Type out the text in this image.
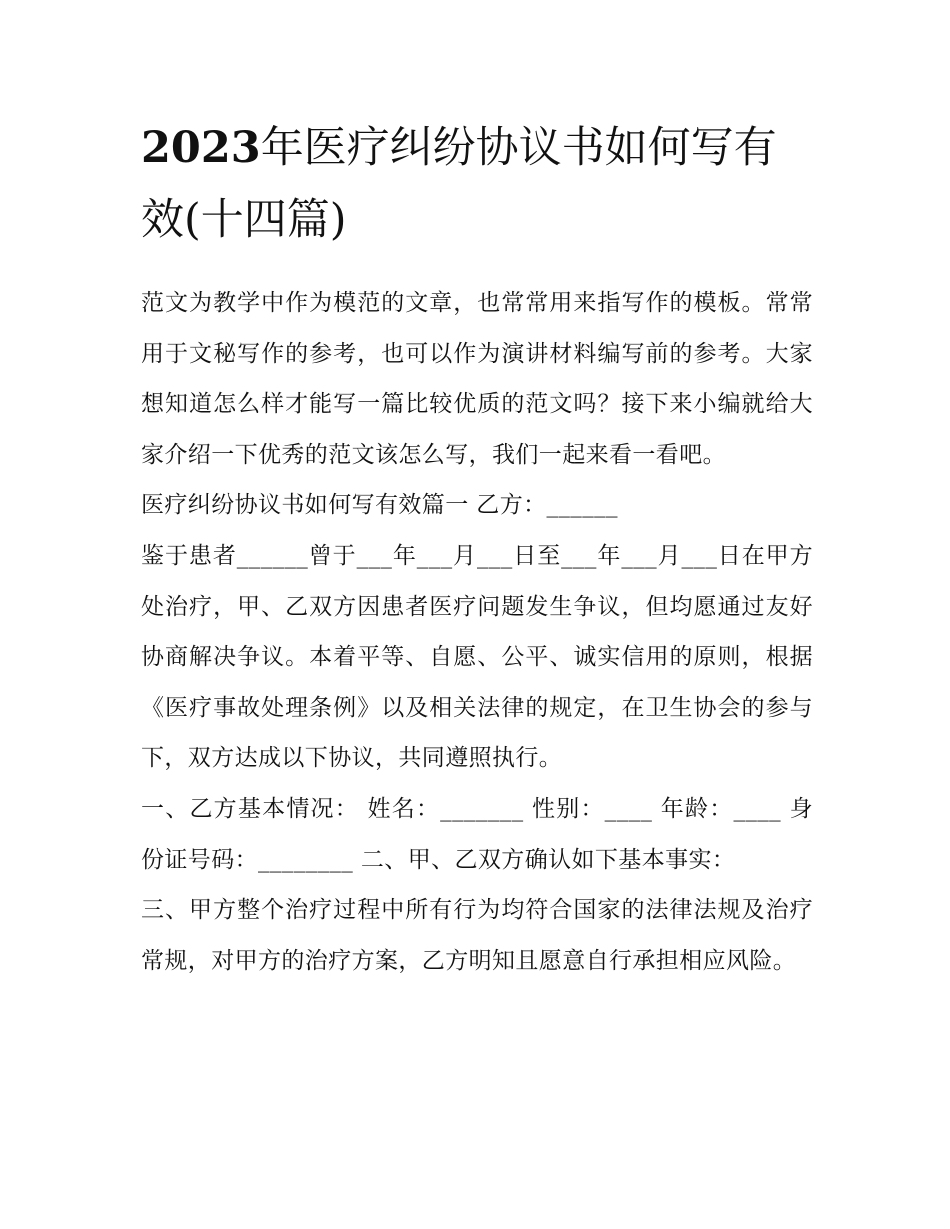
2023年医疗纠纷协议书如何写有效(十四篇)

范文为教学中作为模范的文章，也常常用来指写作的模板。常常用于文秘写作的参考，也可以作为演讲材料编写前的参考。大家想知道怎么样才能写一篇比较优质的范文吗？接下来小编就给大家介绍一下优秀的范文该怎么写，我们一起来看一看吧。

医疗纠纷协议书如何写有效篇一 乙方：______

鉴于患者______曾于___年___月___日至___年___月___日在甲方处治疗，甲、乙双方因患者医疗问题发生争议，但均愿通过友好协商解决争议。本着平等、自愿、公平、诚实信用的原则，根据《医疗事故处理条例》以及相关法律的规定，在卫生协会的参与下，双方达成以下协议，共同遵照执行。

一、乙方基本情况： 姓名：_______ 性别：____ 年龄：____ 身份证号码：________ 二、甲、乙双方确认如下基本事实：

三、甲方整个治疗过程中所有行为均符合国家的法律法规及治疗常规，对甲方的治疗方案，乙方明知且愿意自行承担相应风险。
